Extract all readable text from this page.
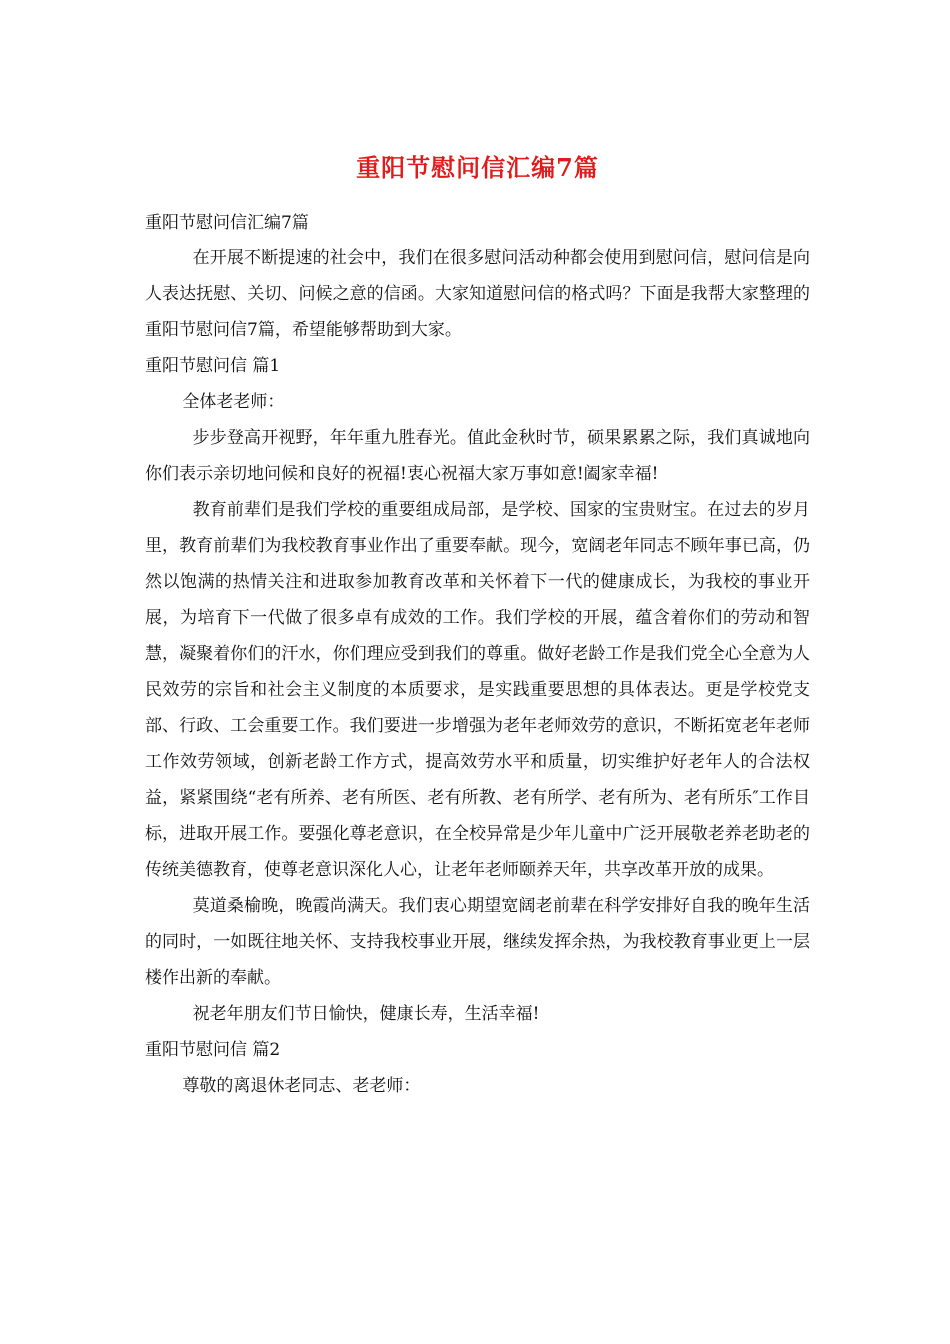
重阳节慰问信汇编7篇

重阳节慰问信汇编7篇

在开展不断提速的社会中，我们在很多慰问活动种都会使用到慰问信，慰问信是向人表达抚慰、关切、问候之意的信函。大家知道慰问信的格式吗？下面是我帮大家整理的重阳节慰问信7篇，希望能够帮助到大家。

重阳节慰问信 篇1

全体老老师：

步步登高开视野，年年重九胜春光。值此金秋时节，硕果累累之际，我们真诚地向你们表示亲切地问候和良好的祝福!衷心祝福大家万事如意!阖家幸福!

教育前辈们是我们学校的重要组成局部，是学校、国家的宝贵财宝。在过去的岁月里，教育前辈们为我校教育事业作出了重要奉献。现今，宽阔老年同志不顾年事已高，仍然以饱满的热情关注和进取参加教育改革和关怀着下一代的健康成长，为我校的事业开展，为培育下一代做了很多卓有成效的工作。我们学校的开展，蕴含着你们的劳动和智慧，凝聚着你们的汗水，你们理应受到我们的尊重。做好老龄工作是我们党全心全意为人民效劳的宗旨和社会主义制度的本质要求，是实践重要思想的具体表达。更是学校党支部、行政、工会重要工作。我们要进一步增强为老年老师效劳的意识，不断拓宽老年老师工作效劳领域，创新老龄工作方式，提高效劳水平和质量，切实维护好老年人的合法权益，紧紧围绕“老有所养、老有所医、老有所教、老有所学、老有所为、老有所乐″工作目标，进取开展工作。要强化尊老意识，在全校异常是少年儿童中广泛开展敬老养老助老的传统美德教育，使尊老意识深化人心，让老年老师颐养天年，共享改革开放的成果。

莫道桑榆晚，晚霞尚满天。我们衷心期望宽阔老前辈在科学安排好自我的晚年生活的同时，一如既往地关怀、支持我校事业开展，继续发挥余热，为我校教育事业更上一层楼作出新的奉献。

祝老年朋友们节日愉快，健康长寿，生活幸福!

重阳节慰问信 篇2

尊敬的离退休老同志、老老师：
